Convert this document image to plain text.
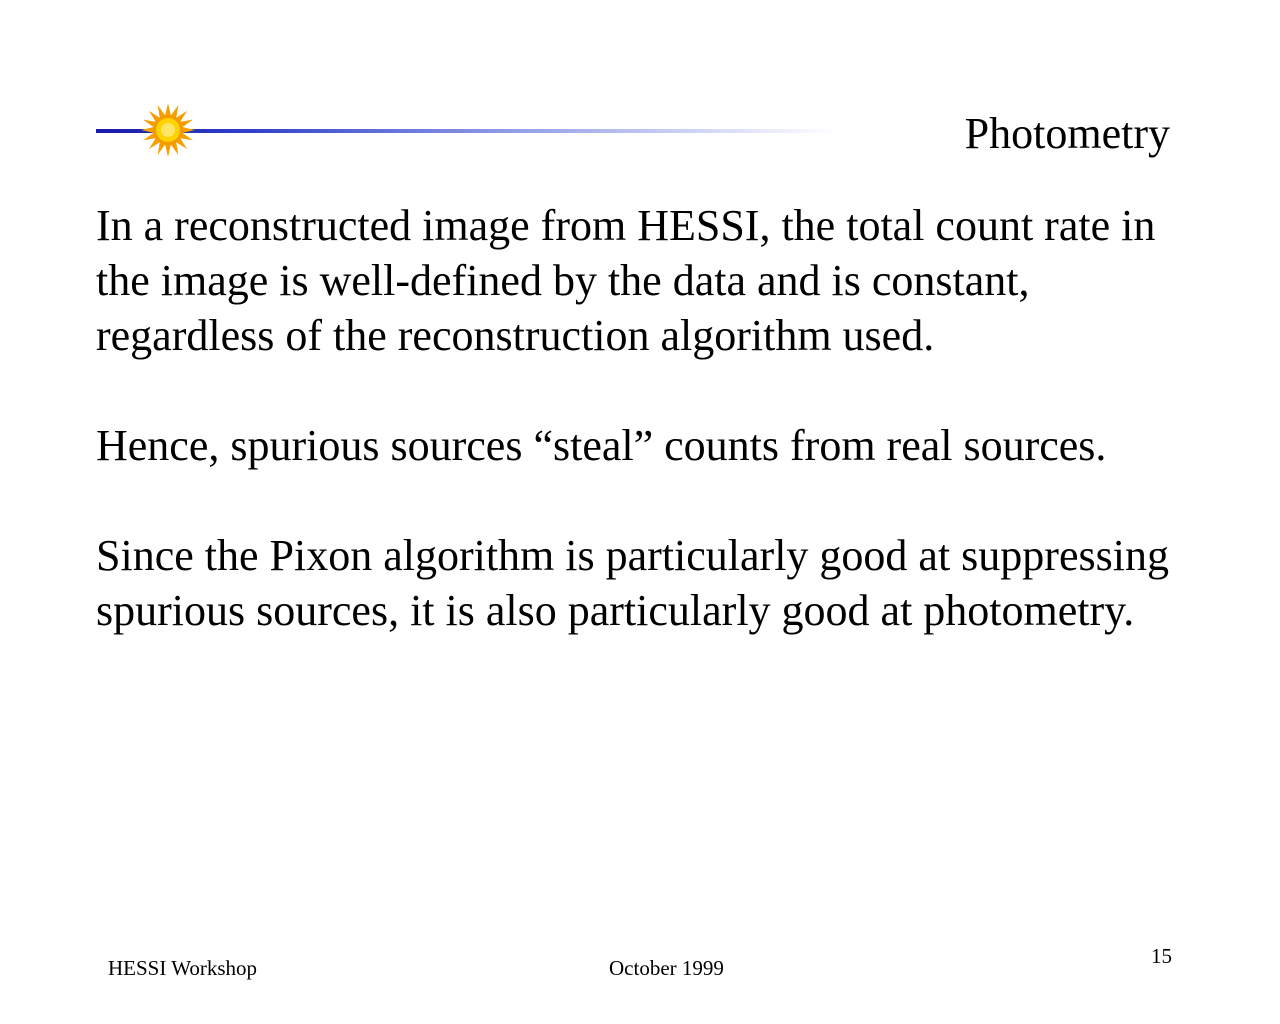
Photometry

In a reconstructed image from HESSI, the total count rate in the image is well-defined by the data and is constant, regardless of the reconstruction algorithm used.

Hence, spurious sources “steal” counts from real sources.

Since the Pixon algorithm is particularly good at suppressing spurious sources, it is also particularly good at photometry.

HESSI Workshop	October 1999	15
